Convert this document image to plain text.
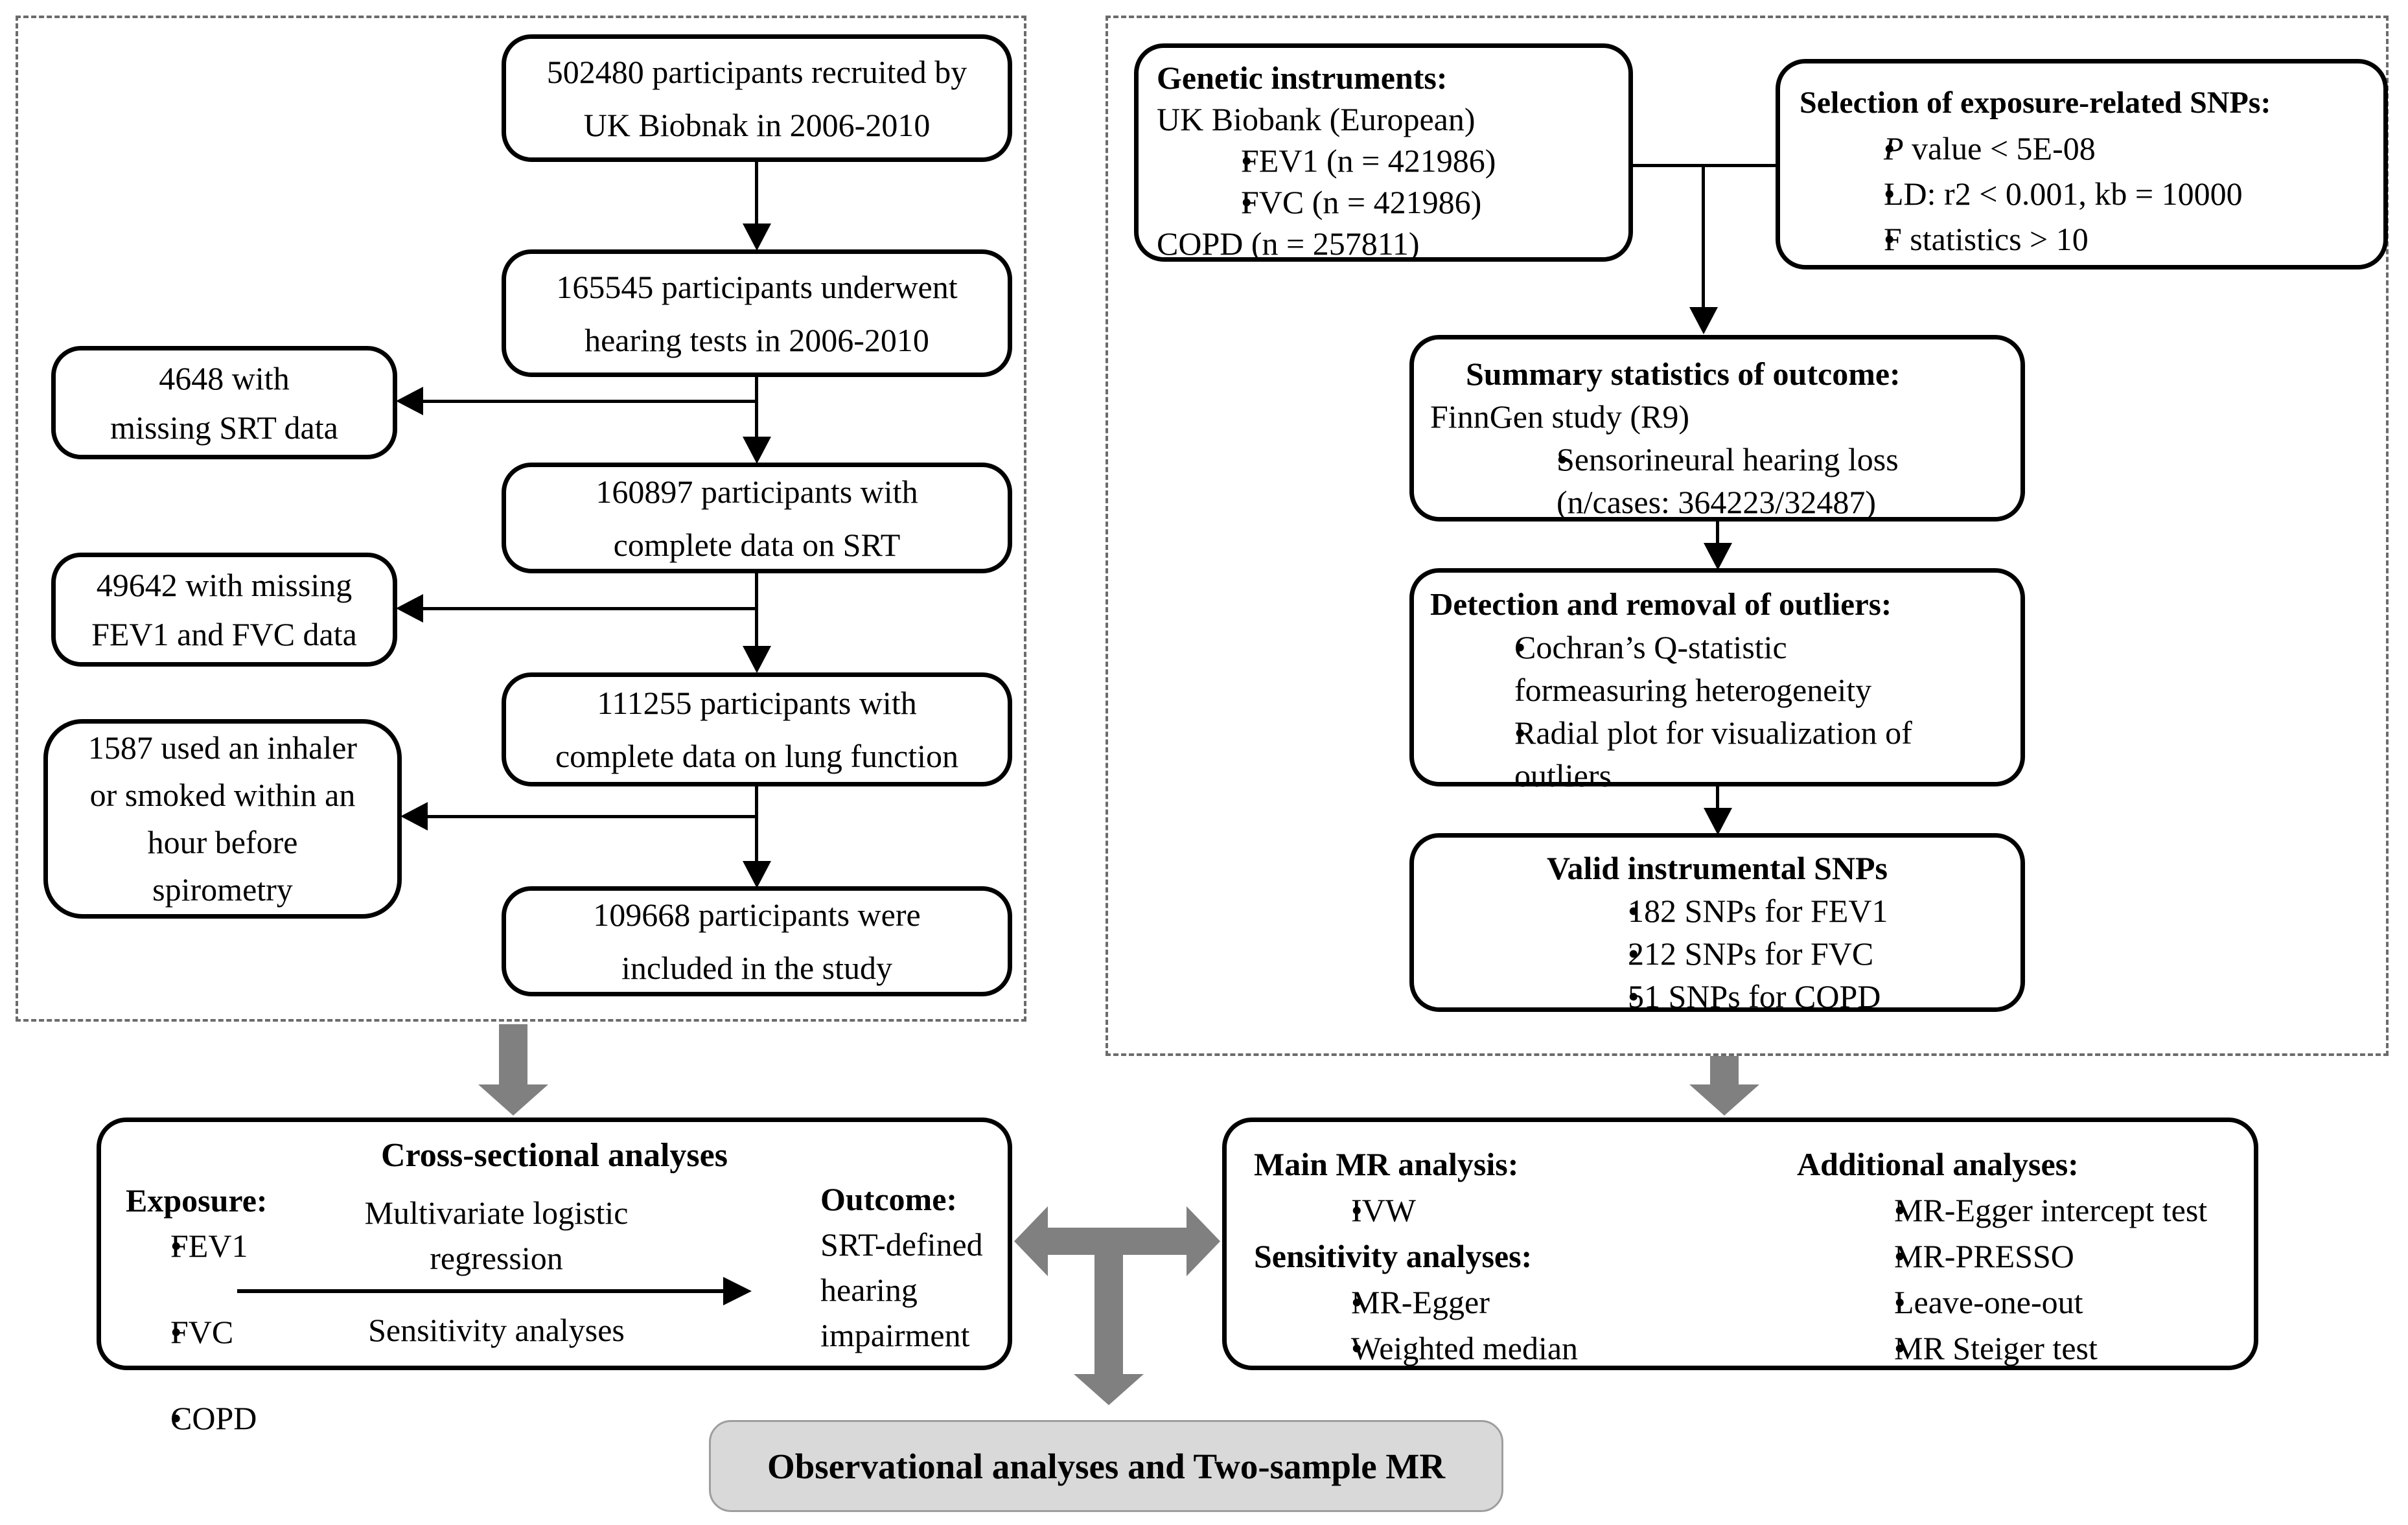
502480 participants recruited by
UK Biobnak in 2006-2010
165545 participants underwent
hearing tests in 2006-2010
160897 participants with
complete data on SRT
111255 participants with
complete data on lung function
109668 participants were
included in the study
4648 with
missing SRT data
49642 with missing
FEV1 and FVC data
1587 used an inhaler
or smoked within an
hour before
spirometry
Genetic instruments:
UK Biobank (European)
• FEV1 (n = 421986)
• FVC (n = 421986)
COPD (n = 257811)
Selection of exposure-related SNPs:
• P value < 5E-08
• LD: r2 < 0.001, kb = 10000
• F statistics > 10
Summary statistics of outcome:
FinnGen study (R9)
• Sensorineural hearing loss
(n/cases: 364223/32487)
Detection and removal of outliers:
• Cochran’s Q-statistic
formeasuring heterogeneity
• Radial plot for visualization of
outliers
Valid instrumental SNPs
• 182 SNPs for FEV1
• 212 SNPs for FVC
• 51 SNPs for COPD
Cross-sectional analyses
Exposure:
• FEV1
• FVC
• COPD
Multivariate logistic
regression
Sensitivity analyses
Outcome:
SRT-defined
hearing
impairment
Main MR analysis:
• IVW
Sensitivity analyses:
• MR-Egger
• Weighted median
Additional analyses:
• MR-Egger intercept test
• MR-PRESSO
• Leave-one-out
• MR Steiger test
Observational analyses and Two-sample MR
